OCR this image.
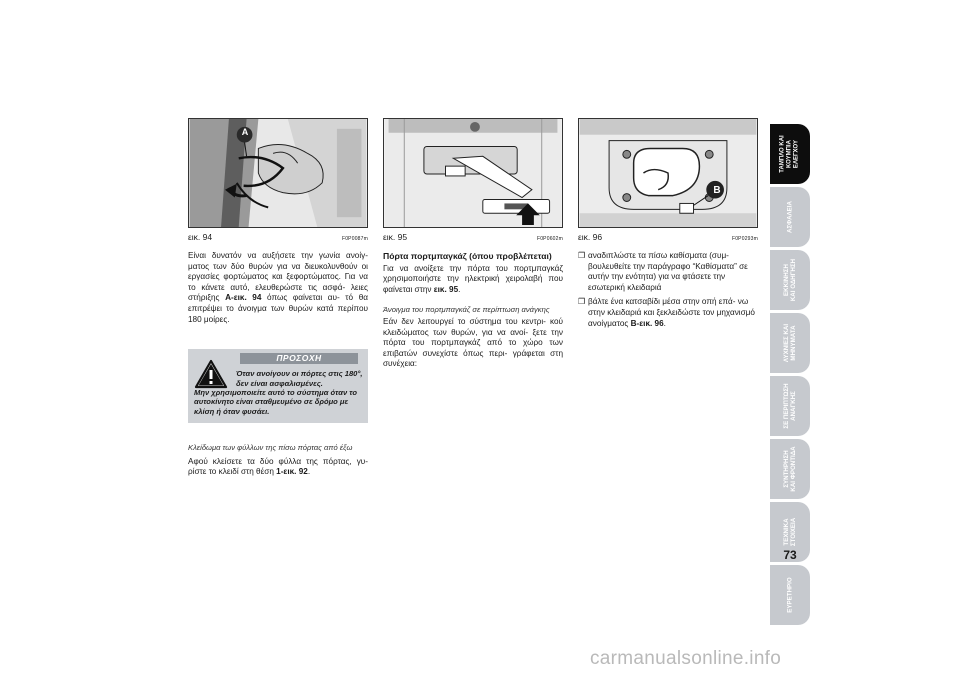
A
εικ. 94	F0P0087m

Είναι δυνατόν να αυξήσετε την γωνία ανοίγ- ματος των δύο θυρών για να διευκολυνθούν οι εργασίες φορτώματος και ξεφορτώματος. Για να το κάνετε αυτό, ελευθερώστε τις ασφά- λειες στήριξης A-εικ. 94 όπως φαίνεται αυ- τό θα επιτρέψει το άνοιγμα των θυρών κατά περίπου 180 μοίρες.

ΠΡΟΣΟΧΗ
Όταν ανοίγουν οι πόρτες στις 180°, δεν είναι ασφαλισμένες.
Μην χρησιμοποιείτε αυτό το σύστημα όταν το αυτοκίνητο είναι σταθμευμένο σε δρόμο με κλίση ή όταν φυσάει.

Κλείδωμα των φύλλων της πίσω πόρτας από έξω

Αφού κλείσετε τα δύο φύλλα της πόρτας, γυ- ρίστε το κλειδί στη θέση 1-εικ. 92.

εικ. 95	F0P0602m

Πόρτα πορτμπαγκάζ (όπου προβλέπεται)

Για να ανοίξετε την πόρτα του πορτμπαγκάζ χρησιμοποιήστε την ηλεκτρική χειρολαβή που φαίνεται στην εικ. 95.

Άνοιγμα του πορτμπαγκάζ σε περίπτωση ανάγκης

Εάν δεν λειτουργεί το σύστημα του κεντρι- κού κλειδώματος των θυρών, για να ανοί- ξετε την πόρτα του πορτμπαγκάζ από το χώρο των επιβατών συνεχίστε όπως περι- γράφεται στη συνέχεια:

B
εικ. 96	F0P0293m
❒ αναδιπλώστε τα πίσω καθίσματα (συμ- βουλευθείτε την παράγραφο “Καθίσματα” σε αυτήν την ενότητα) για να φτάσετε την εσωτερική κλειδαριά
❒ βάλτε ένα κατσαβίδι μέσα στην οπή επά- νω στην κλειδαριά και ξεκλειδώστε τον μηχανισμό ανοίγματος B-εικ. 96.
ΤΑΜΠΛΟ ΚΑΙ
ΚΟΥΜΠΙΑ
ΕΛΕΓΧΟΥ
ΑΣΦΑΛΕΙΑ
ΕΚΚΙΝΗΣΗ
ΚΑΙ ΟΔΗΓΗΣΗ
ΛΥΧΝΙΕΣ ΚΑΙ
ΜΗΝΥΜΑΤΑ
ΣΕ ΠΕΡΙΠΤΩΣΗ
ΑΝΑΓΚΗΣ
ΣΥΝΤΗΡΗΣΗ
ΚΑΙ ΦΡΟΝΤΙΔΑ
ΤΕΧΝΙΚΑ
ΣΤΟΙΧΕΙΑ
ΕΥΡΕΤΗΡΙΟ
73
carmanualsonline.info
